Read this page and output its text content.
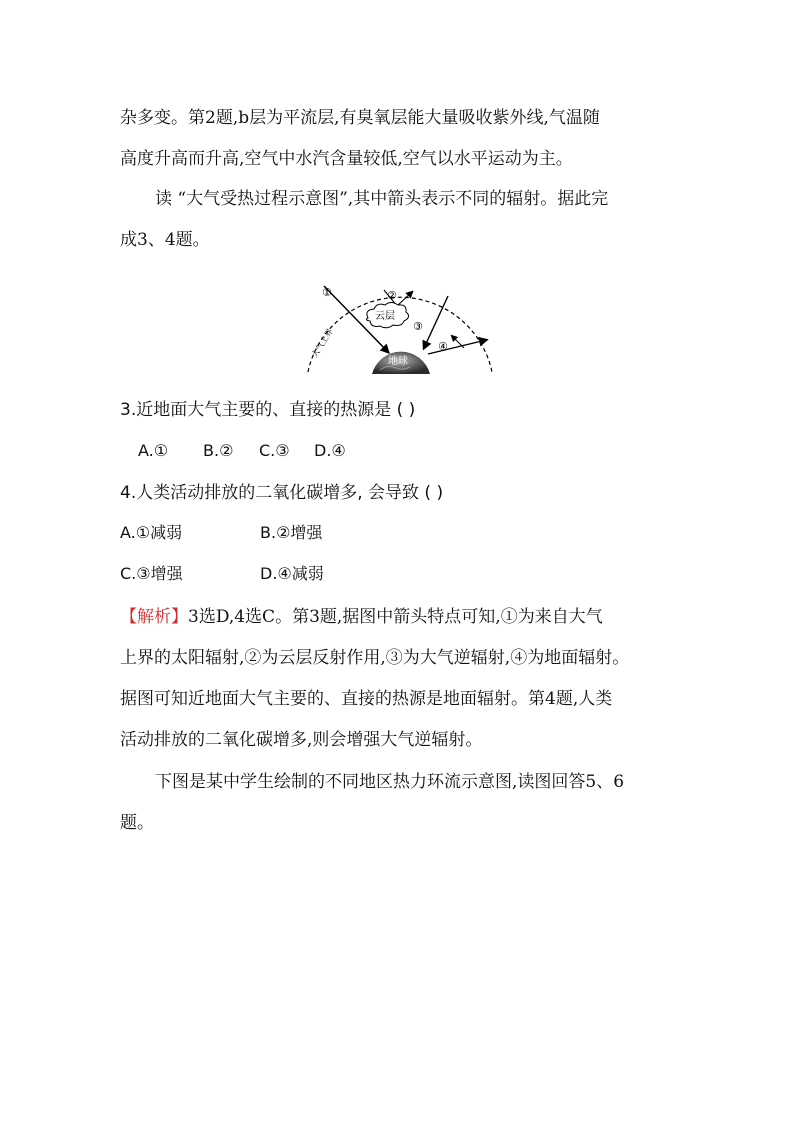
杂多变。第2题,b层为平流层,有臭氧层能大量吸收紫外线,气温随
高度升高而升高,空气中水汽含量较低,空气以水平运动为主。
读 “大气受热过程示意图”,其中箭头表示不同的辐射。据此完
成3、4题。
地球
①	②
云层
③
④
大气上界
3.近地面大气主要的、直接的热源是 ( )
A.① B.② C.③ D.④
4.人类活动排放的二氧化碳增多, 会导致 ( )
A.①减弱	B.②增强
C.③增强	D.④减弱
【解析】3选D,4选C。第3题,据图中箭头特点可知,①为来自大气
上界的太阳辐射,②为云层反射作用,③为大气逆辐射,④为地面辐射。
据图可知近地面大气主要的、直接的热源是地面辐射。第4题,人类
活动排放的二氧化碳增多,则会增强大气逆辐射。
下图是某中学生绘制的不同地区热力环流示意图,读图回答5、6
题。
